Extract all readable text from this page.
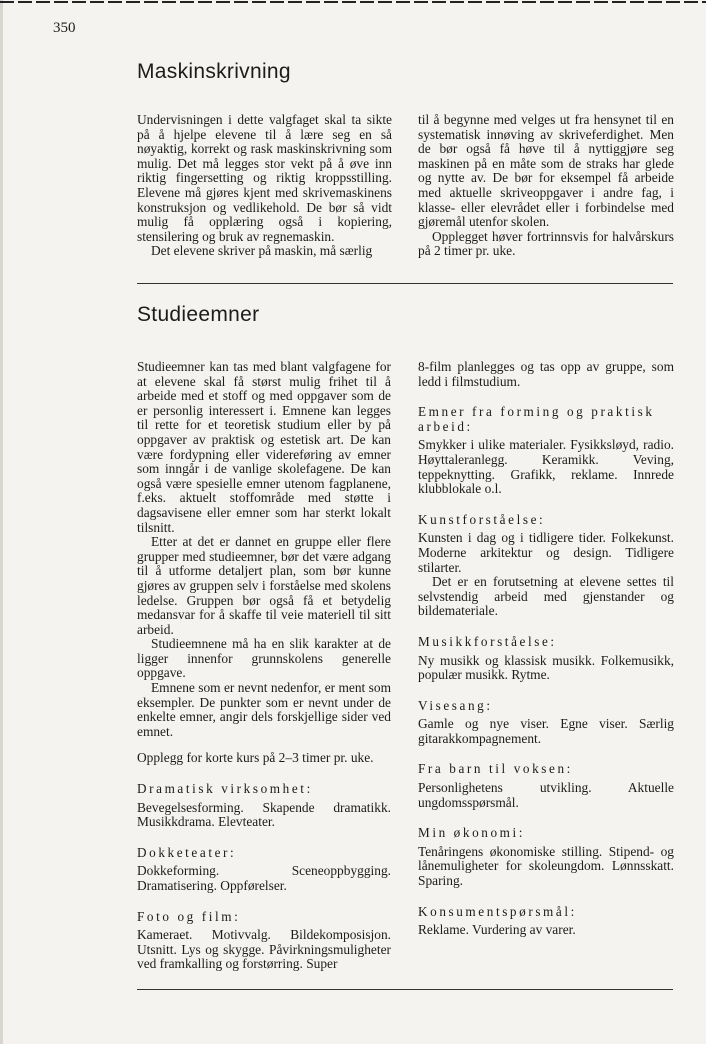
350
Maskinskrivning

Undervisningen i dette valgfaget skal ta sikte på å hjelpe elevene til å lære seg en så nøyaktig, korrekt og rask maskinskrivning som mulig. Det må legges stor vekt på å øve inn riktig fingersetting og riktig kroppsstilling. Elevene må gjøres kjent med skrivemaskinens konstruksjon og vedlikehold. De bør så vidt mulig få opplæring også i kopiering, stensilering og bruk av regnemaskin.

Det elevene skriver på maskin, må særlig

til å begynne med velges ut fra hensynet til en systematisk innøving av skriveferdighet. Men de bør også få høve til å nyttiggjøre seg maskinen på en måte som de straks har glede og nytte av. De bør for eksempel få arbeide med aktuelle skriveoppgaver i andre fag, i klasse- eller elevrådet eller i forbindelse med gjøremål utenfor skolen.

Opplegget høver fortrinnsvis for halvårskurs på 2 timer pr. uke.

Studieemner

Studieemner kan tas med blant valgfagene for at elevene skal få størst mulig frihet til å arbeide med et stoff og med oppgaver som de er personlig interessert i. Emnene kan legges til rette for et teoretisk studium eller by på oppgaver av praktisk og estetisk art. De kan være fordypning eller videreføring av emner som inngår i de vanlige skolefagene. De kan også være spesielle emner utenom fagplanene, f.eks. aktuelt stoffområde med støtte i dagsavisene eller emner som har sterkt lokalt tilsnitt.

Etter at det er dannet en gruppe eller flere grupper med studieemner, bør det være adgang til å utforme detaljert plan, som bør kunne gjøres av gruppen selv i forståelse med skolens ledelse. Gruppen bør også få et betydelig medansvar for å skaffe til veie materiell til sitt arbeid.

Studieemnene må ha en slik karakter at de ligger innenfor grunnskolens generelle oppgave.

Emnene som er nevnt nedenfor, er ment som eksempler. De punkter som er nevnt under de enkelte emner, angir dels forskjellige sider ved emnet.

Opplegg for korte kurs på 2–3 timer pr. uke.

Dramatisk virksomhet:

Bevegelsesforming. Skapende dramatikk. Musikkdrama. Elevteater.

Dokketeater:

Dokkeforming. Sceneoppbygging. Dramatisering. Oppførelser.

Foto og film:

Kameraet. Motivvalg. Bildekomposisjon. Utsnitt. Lys og skygge. Påvirkningsmuligheter ved framkalling og forstørring. Super

8-film planlegges og tas opp av gruppe, som ledd i filmstudium.

Emner fra forming og praktisk arbeid:

Smykker i ulike materialer. Fysikksløyd, radio. Høyttaleranlegg. Keramikk. Veving, teppeknytting. Grafikk, reklame. Innrede klubblokale o.l.

Kunstforståelse:

Kunsten i dag og i tidligere tider. Folkekunst. Moderne arkitektur og design. Tidligere stilarter.

Det er en forutsetning at elevene settes til selvstendig arbeid med gjenstander og bildemateriale.

Musikkforståelse:

Ny musikk og klassisk musikk. Folkemusikk, populær musikk. Rytme.

Visesang:

Gamle og nye viser. Egne viser. Særlig gitarakkompagnement.

Fra barn til voksen:

Personlighetens utvikling. Aktuelle ungdomsspørsmål.

Min økonomi:

Tenåringens økonomiske stilling. Stipend- og lånemuligheter for skoleungdom. Lønnsskatt. Sparing.

Konsumentspørsmål:

Reklame. Vurdering av varer.
